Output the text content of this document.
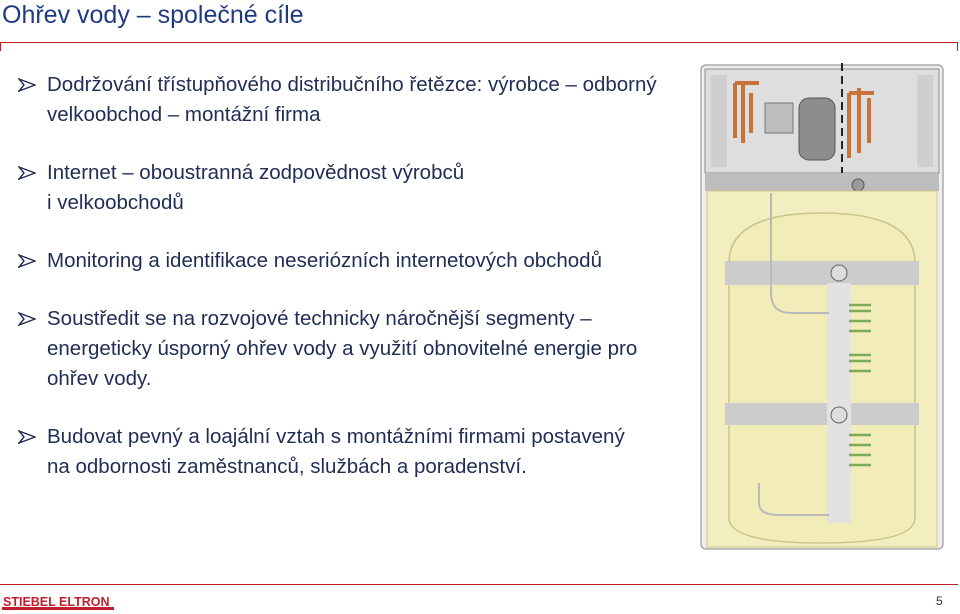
Ohřev vody – společné cíle
Dodržování třístupňového distribučního řetězce: výrobce – odborný velkoobchod – montážní firma
Internet – oboustranná zodpovědnost výrobců i velkoobchodů
Monitoring a identifikace neseriózních internetových obchodů
Soustředit se na rozvojové technicky náročnější segmenty – energeticky úsporný ohřev vody a využití obnovitelné energie pro ohřev vody.
Budovat pevný a loajální vztah s montážními firmami postavený na odbornosti zaměstnanců, službách a poradenství.
STIEBEL ELTRON	5
